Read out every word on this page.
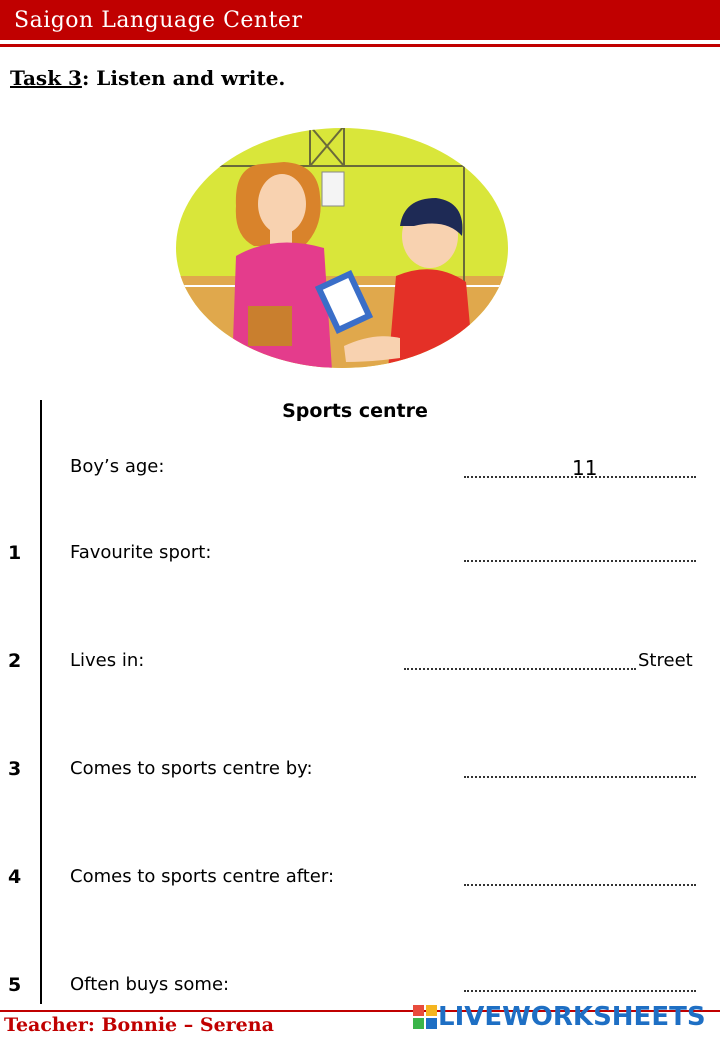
Saigon Language Center
Task 3: Listen and write.
Sports centre
Boy’s age:	11
1	Favourite sport:
2	Lives in:	Street
3	Comes to sports centre by:
4	Comes to sports centre after:
5	Often buys some:
Teacher: Bonnie – Serena	LIVEWORKSHEETS
